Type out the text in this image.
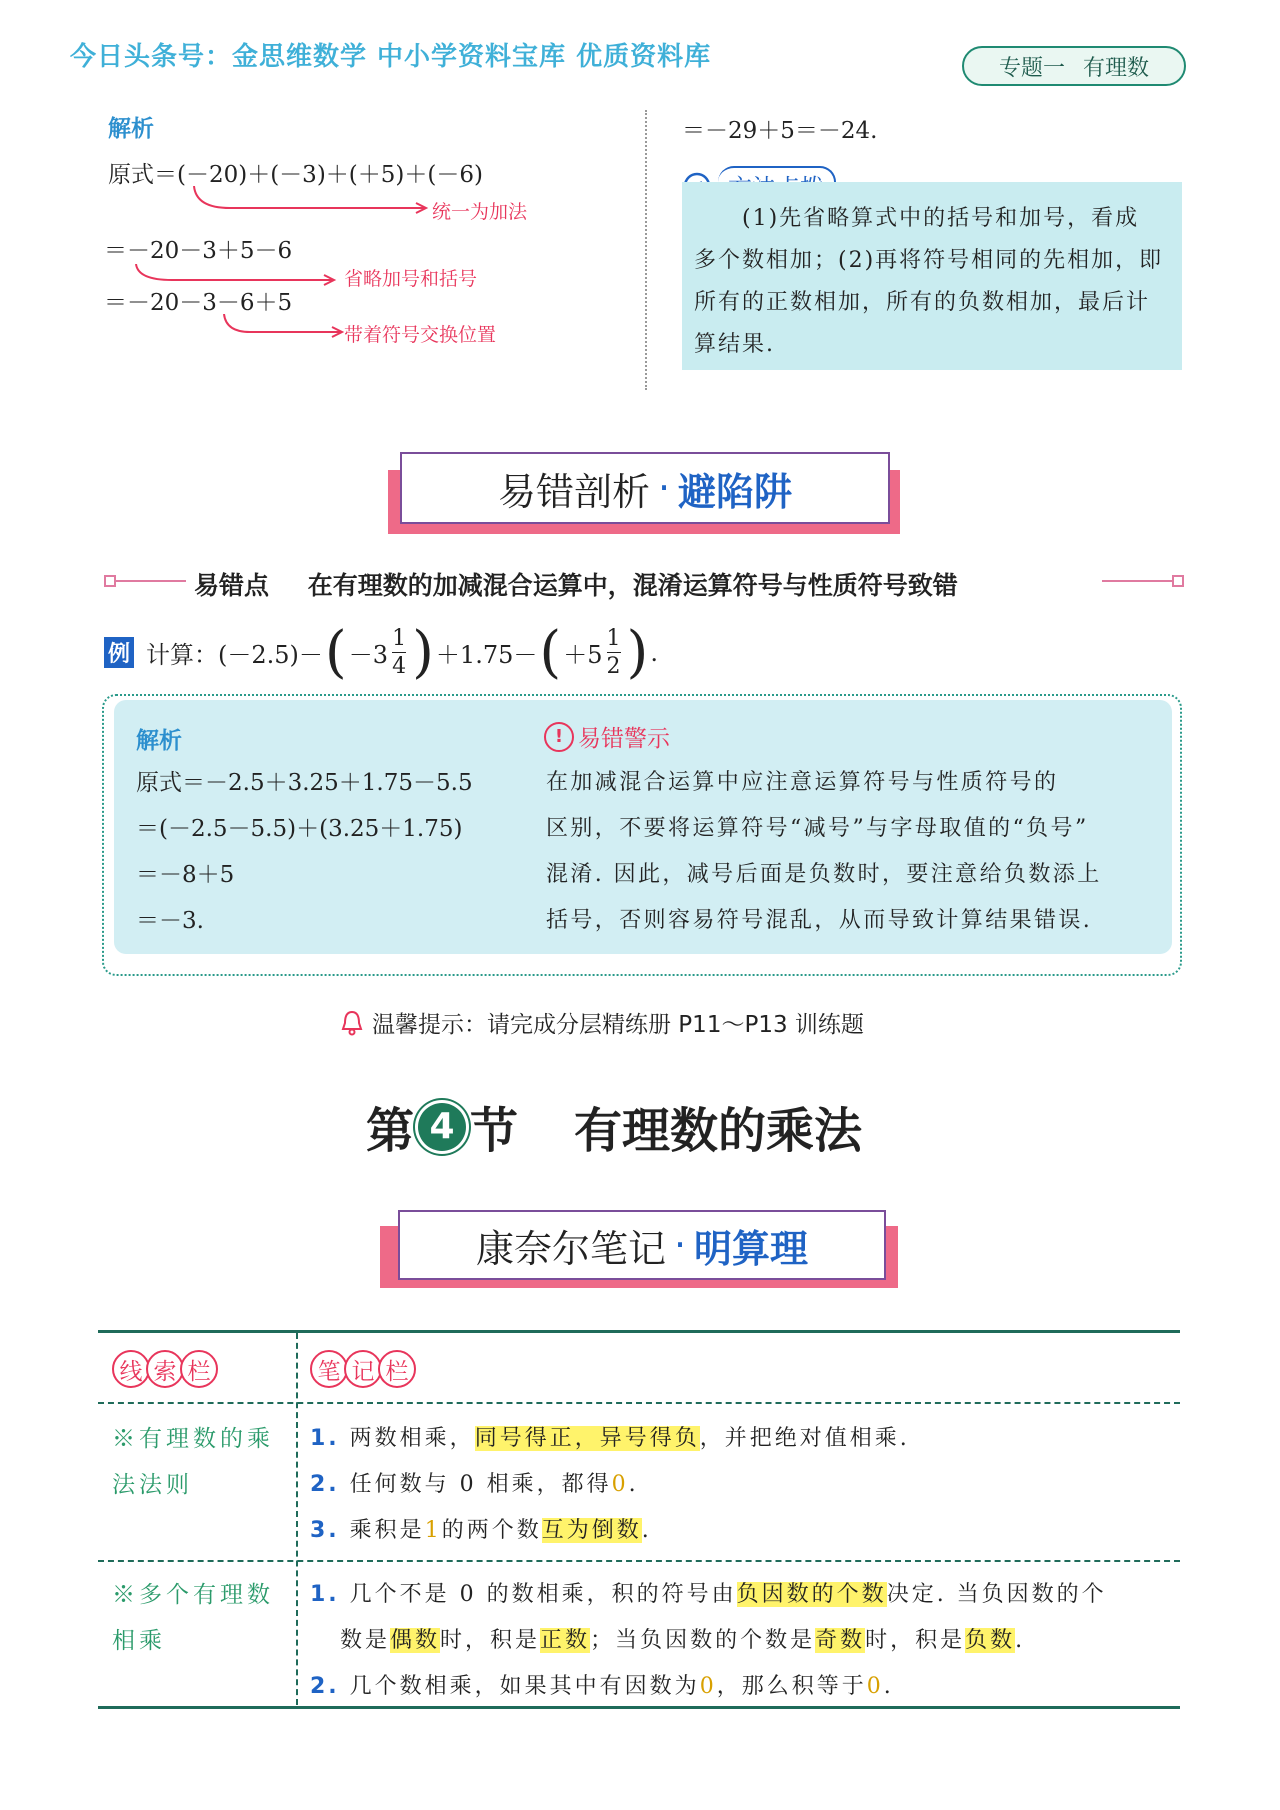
今日头条号：金思维数学 中小学资料宝库 优质资料库	专题一 有理数
解析
原式＝(－20)＋(－3)＋(＋5)＋(－6)
统一为加法
＝－20－3＋5－6
省略加号和括号
＝－20－3－6＋5
带着符号交换位置
＝－29＋5＝－24.
(1)先省略算式中的括号和加号，看成
多个数相加；(2)再将符号相同的先相加，即
所有的正数相加，所有的负数相加，最后计
算结果.
易错剖析 · 避陷阱
易错点 在有理数的加减混合运算中，混淆运算符号与性质符号致错
例 计算：(－2.5)－ ( $-3 \frac{1}{4}$ ) ＋1.75－ ( $+5 \frac{1}{2}$ ) .
解析
原式＝－2.5＋3.25＋1.75－5.5
＝(－2.5－5.5)＋(3.25＋1.75)
＝－8＋5
＝－3.
! 易错警示
在加减混合运算中应注意运算符号与性质符号的
区别，不要将运算符号“减号”与字母取值的“负号”
混淆. 因此，减号后面是负数时，要注意给负数添上
括号，否则容易符号混乱，从而导致计算结果错误.
温馨提示：请完成分层精练册 P11～P13 训练题
第 4 节 有理数的乘法
康奈尔笔记 · 明算理
线 索 栏	笔 记 栏
※有理数的乘
法法则
1. 两数相乘，同号得正，异号得负，并把绝对值相乘.
2. 任何数与 0 相乘，都得0.
3. 乘积是1的两个数互为倒数.
※多个有理数
相乘
1. 几个不是 0 的数相乘，积的符号由负因数的个数决定. 当负因数的个
数是偶数时，积是正数；当负因数的个数是奇数时，积是负数.
2. 几个数相乘，如果其中有因数为0，那么积等于0.
